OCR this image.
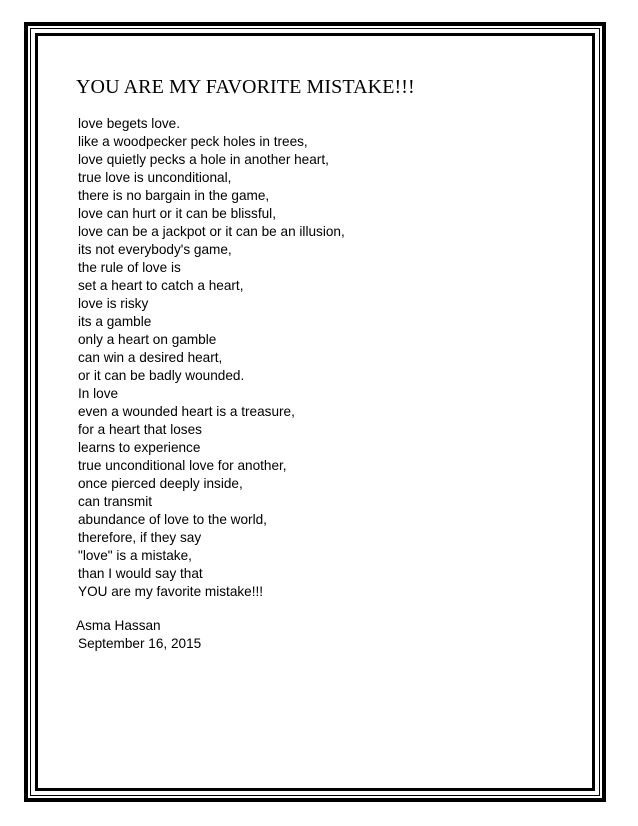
YOU ARE MY FAVORITE MISTAKE!!!
love begets love.
like a woodpecker peck holes in trees,
love quietly pecks a hole in another heart,
true love is unconditional,
there is no bargain in the game,
love can hurt or it can be blissful,
love can be a jackpot or it can be an illusion,
its not everybody's game,
the rule of love is
set a heart to catch a heart,
love is risky
its a gamble
only a heart on gamble
can win a desired heart,
or it can be badly wounded.
In love
even a wounded heart is a treasure,
for a heart that loses
learns to experience
true unconditional love for another,
once pierced deeply inside,
can transmit
abundance of love to the world,
therefore, if they say
"love" is a mistake,
than I would say that
YOU are my favorite mistake!!!
Asma Hassan
September 16, 2015
